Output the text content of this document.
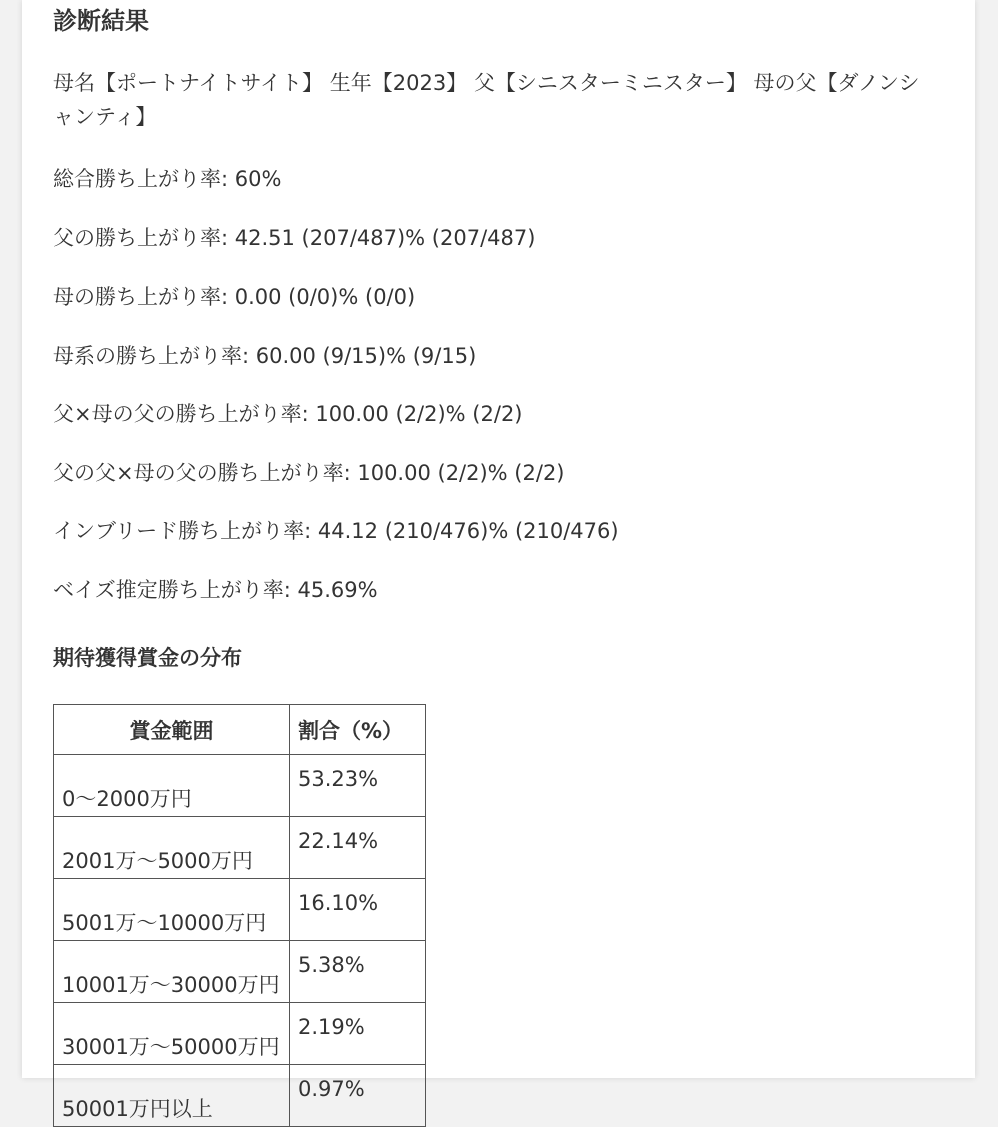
診断結果

母名【ポートナイトサイト】 生年【2023】 父【シニスターミニスター】 母の父【ダノンシャンティ】

総合勝ち上がり率: 60%

父の勝ち上がり率: 42.51 (207/487)% (207/487)

母の勝ち上がり率: 0.00 (0/0)% (0/0)

母系の勝ち上がり率: 60.00 (9/15)% (9/15)

父×母の父の勝ち上がり率: 100.00 (2/2)% (2/2)

父の父×母の父の勝ち上がり率: 100.00 (2/2)% (2/2)

インブリード勝ち上がり率: 44.12 (210/476)% (210/476)

ベイズ推定勝ち上がり率: 45.69%

期待獲得賞金の分布
賞金範囲	割合（%）
0～2000万円	53.23%
2001万～5000万円	22.14%
5001万～10000万円	16.10%
10001万～30000万円	5.38%
30001万～50000万円	2.19%
50001万円以上	0.97%
